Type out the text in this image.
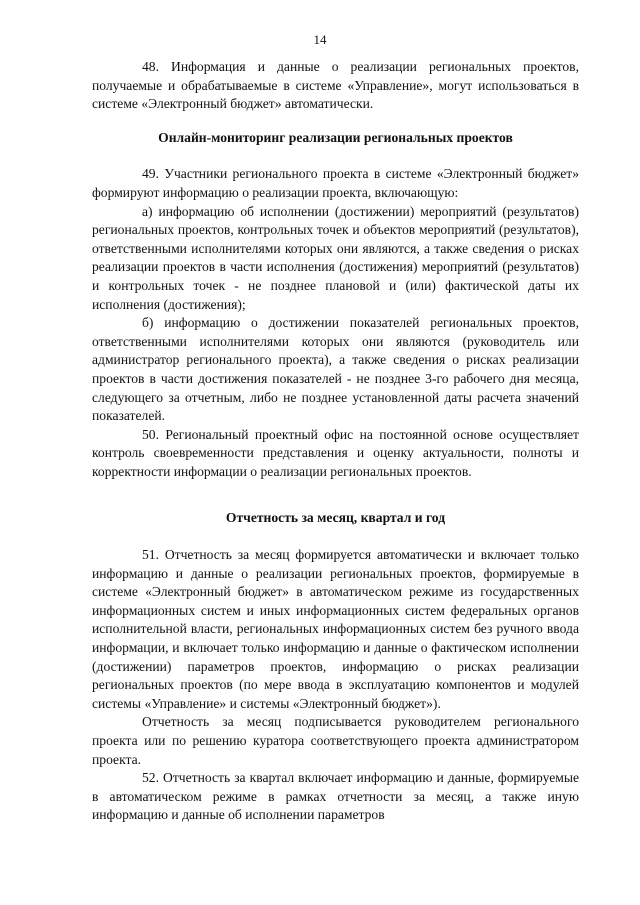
14

48. Информация и данные о реализации региональных проектов, получаемые и обрабатываемые в системе «Управление», могут использоваться в системе «Электронный бюджет» автоматически.

Онлайн-мониторинг реализации региональных проектов

49. Участники регионального проекта в системе «Электронный бюджет» формируют информацию о реализации проекта, включающую:

а) информацию об исполнении (достижении) мероприятий (результатов) региональных проектов, контрольных точек и объектов мероприятий (результатов), ответственными исполнителями которых они являются, а также сведения о рисках реализации проектов в части исполнения (достижения) мероприятий (результатов) и контрольных точек - не позднее плановой и (или) фактической даты их исполнения (достижения);

б) информацию о достижении показателей региональных проектов, ответственными исполнителями которых они являются (руководитель или администратор регионального проекта), а также сведения о рисках реализации проектов в части достижения показателей - не позднее 3-го рабочего дня месяца, следующего за отчетным, либо не позднее установленной даты расчета значений показателей.

50. Региональный проектный офис на постоянной основе осуществляет контроль своевременности представления и оценку актуальности, полноты и корректности информации о реализации региональных проектов.

Отчетность за месяц, квартал и год

51. Отчетность за месяц формируется автоматически и включает только информацию и данные о реализации региональных проектов, формируемые в системе «Электронный бюджет» в автоматическом режиме из государственных информационных систем и иных информационных систем федеральных органов исполнительной власти, региональных информационных систем без ручного ввода информации, и включает только информацию и данные о фактическом исполнении (достижении) параметров проектов, информацию о рисках реализации региональных проектов (по мере ввода в эксплуатацию компонентов и модулей системы «Управление» и системы «Электронный бюджет»).

Отчетность за месяц подписывается руководителем регионального проекта или по решению куратора соответствующего проекта администратором проекта.

52. Отчетность за квартал включает информацию и данные, формируемые в автоматическом режиме в рамках отчетности за месяц, а также иную информацию и данные об исполнении параметров
